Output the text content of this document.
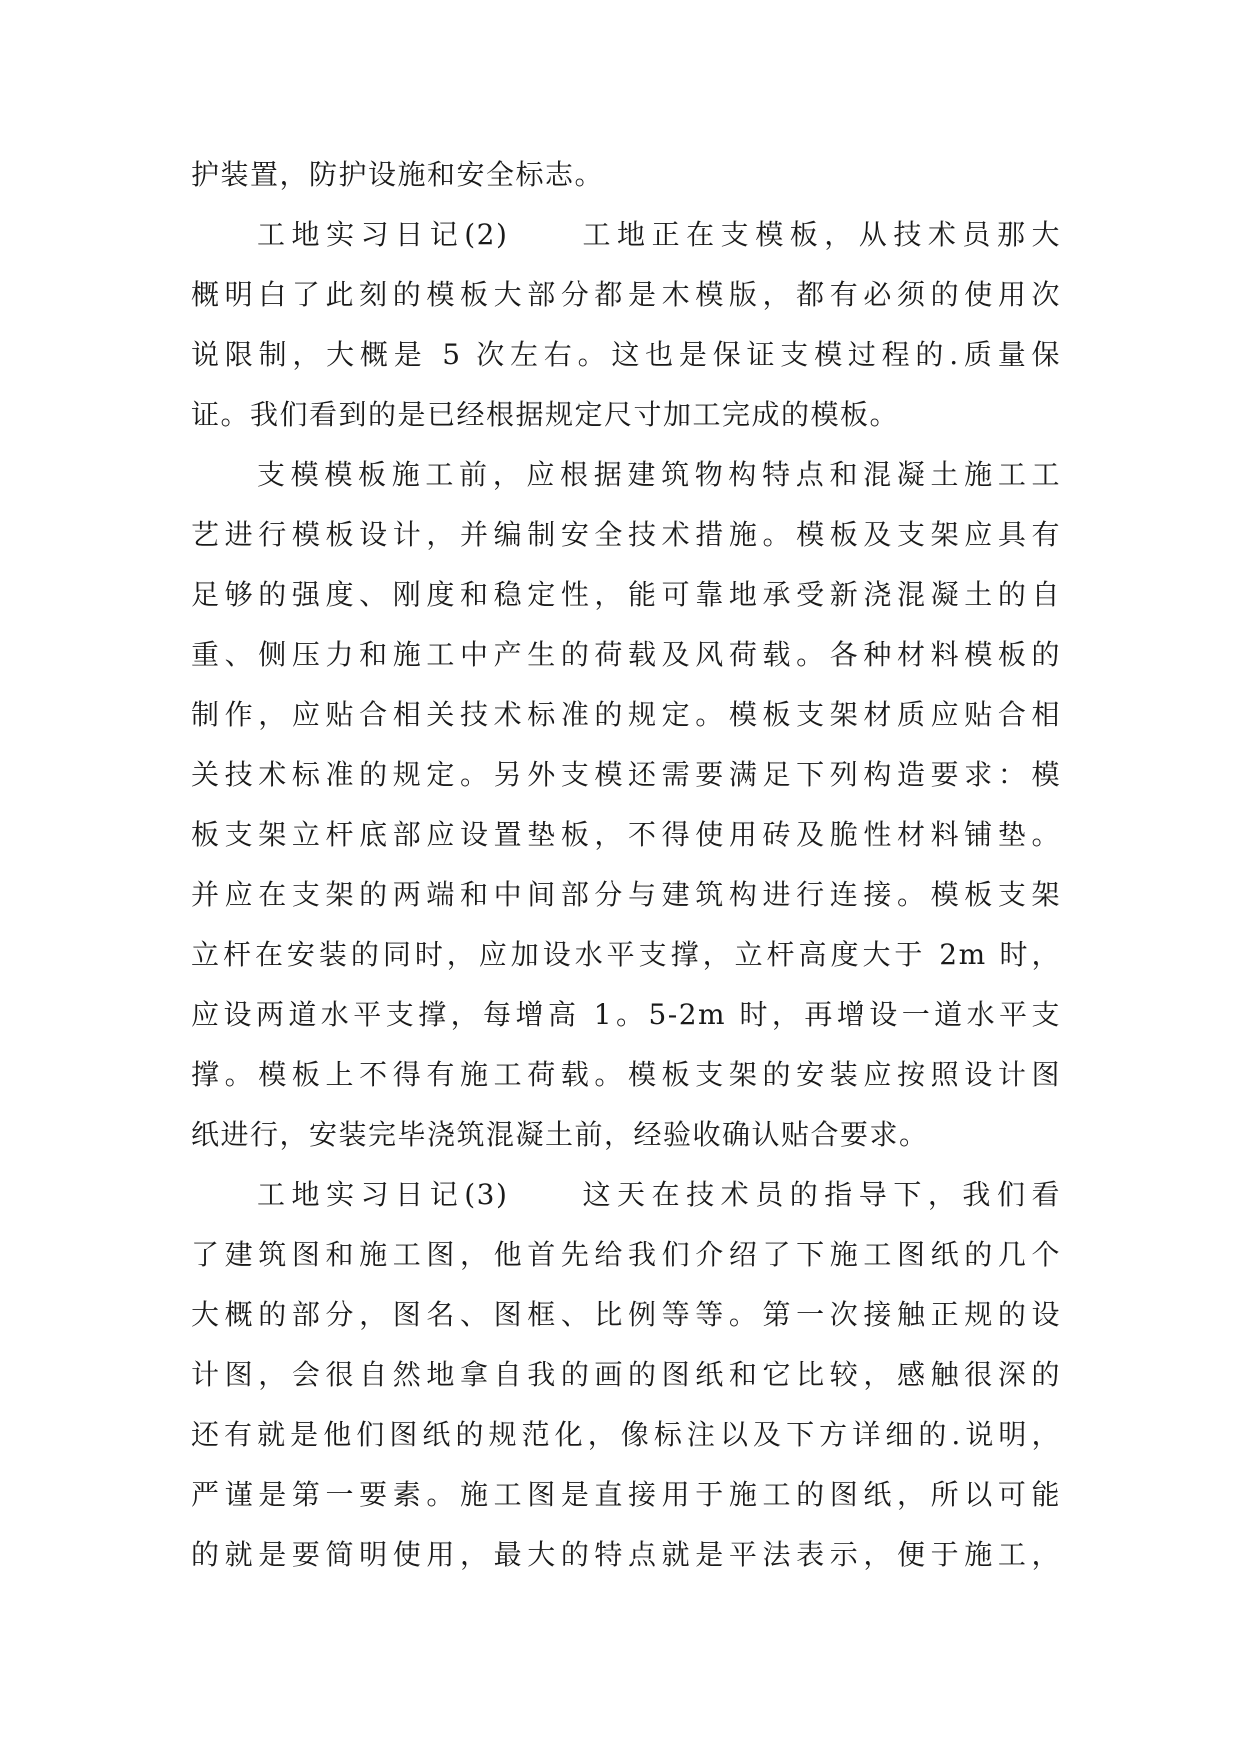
护装置，防护设施和安全标志。
工地实习日记(2)　　工地正在支模板，从技术员那大
概明白了此刻的模板大部分都是木模版，都有必须的使用次
说限制，大概是 5 次左右。这也是保证支模过程的.质量保
证。我们看到的是已经根据规定尺寸加工完成的模板。
支模模板施工前，应根据建筑物构特点和混凝土施工工
艺进行模板设计，并编制安全技术措施。模板及支架应具有
足够的强度、刚度和稳定性，能可靠地承受新浇混凝土的自
重、侧压力和施工中产生的荷载及风荷载。各种材料模板的
制作，应贴合相关技术标准的规定。模板支架材质应贴合相
关技术标准的规定。另外支模还需要满足下列构造要求：模
板支架立杆底部应设置垫板，不得使用砖及脆性材料铺垫。
并应在支架的两端和中间部分与建筑构进行连接。模板支架
立杆在安装的同时，应加设水平支撑，立杆高度大于 2m 时，
应设两道水平支撑，每增高 1。5-2m 时，再增设一道水平支
撑。模板上不得有施工荷载。模板支架的安装应按照设计图
纸进行，安装完毕浇筑混凝土前，经验收确认贴合要求。
工地实习日记(3)　　这天在技术员的指导下，我们看
了建筑图和施工图，他首先给我们介绍了下施工图纸的几个
大概的部分，图名、图框、比例等等。第一次接触正规的设
计图，会很自然地拿自我的画的图纸和它比较，感触很深的
还有就是他们图纸的规范化，像标注以及下方详细的.说明，
严谨是第一要素。施工图是直接用于施工的图纸，所以可能
的就是要简明使用，最大的特点就是平法表示，便于施工，
